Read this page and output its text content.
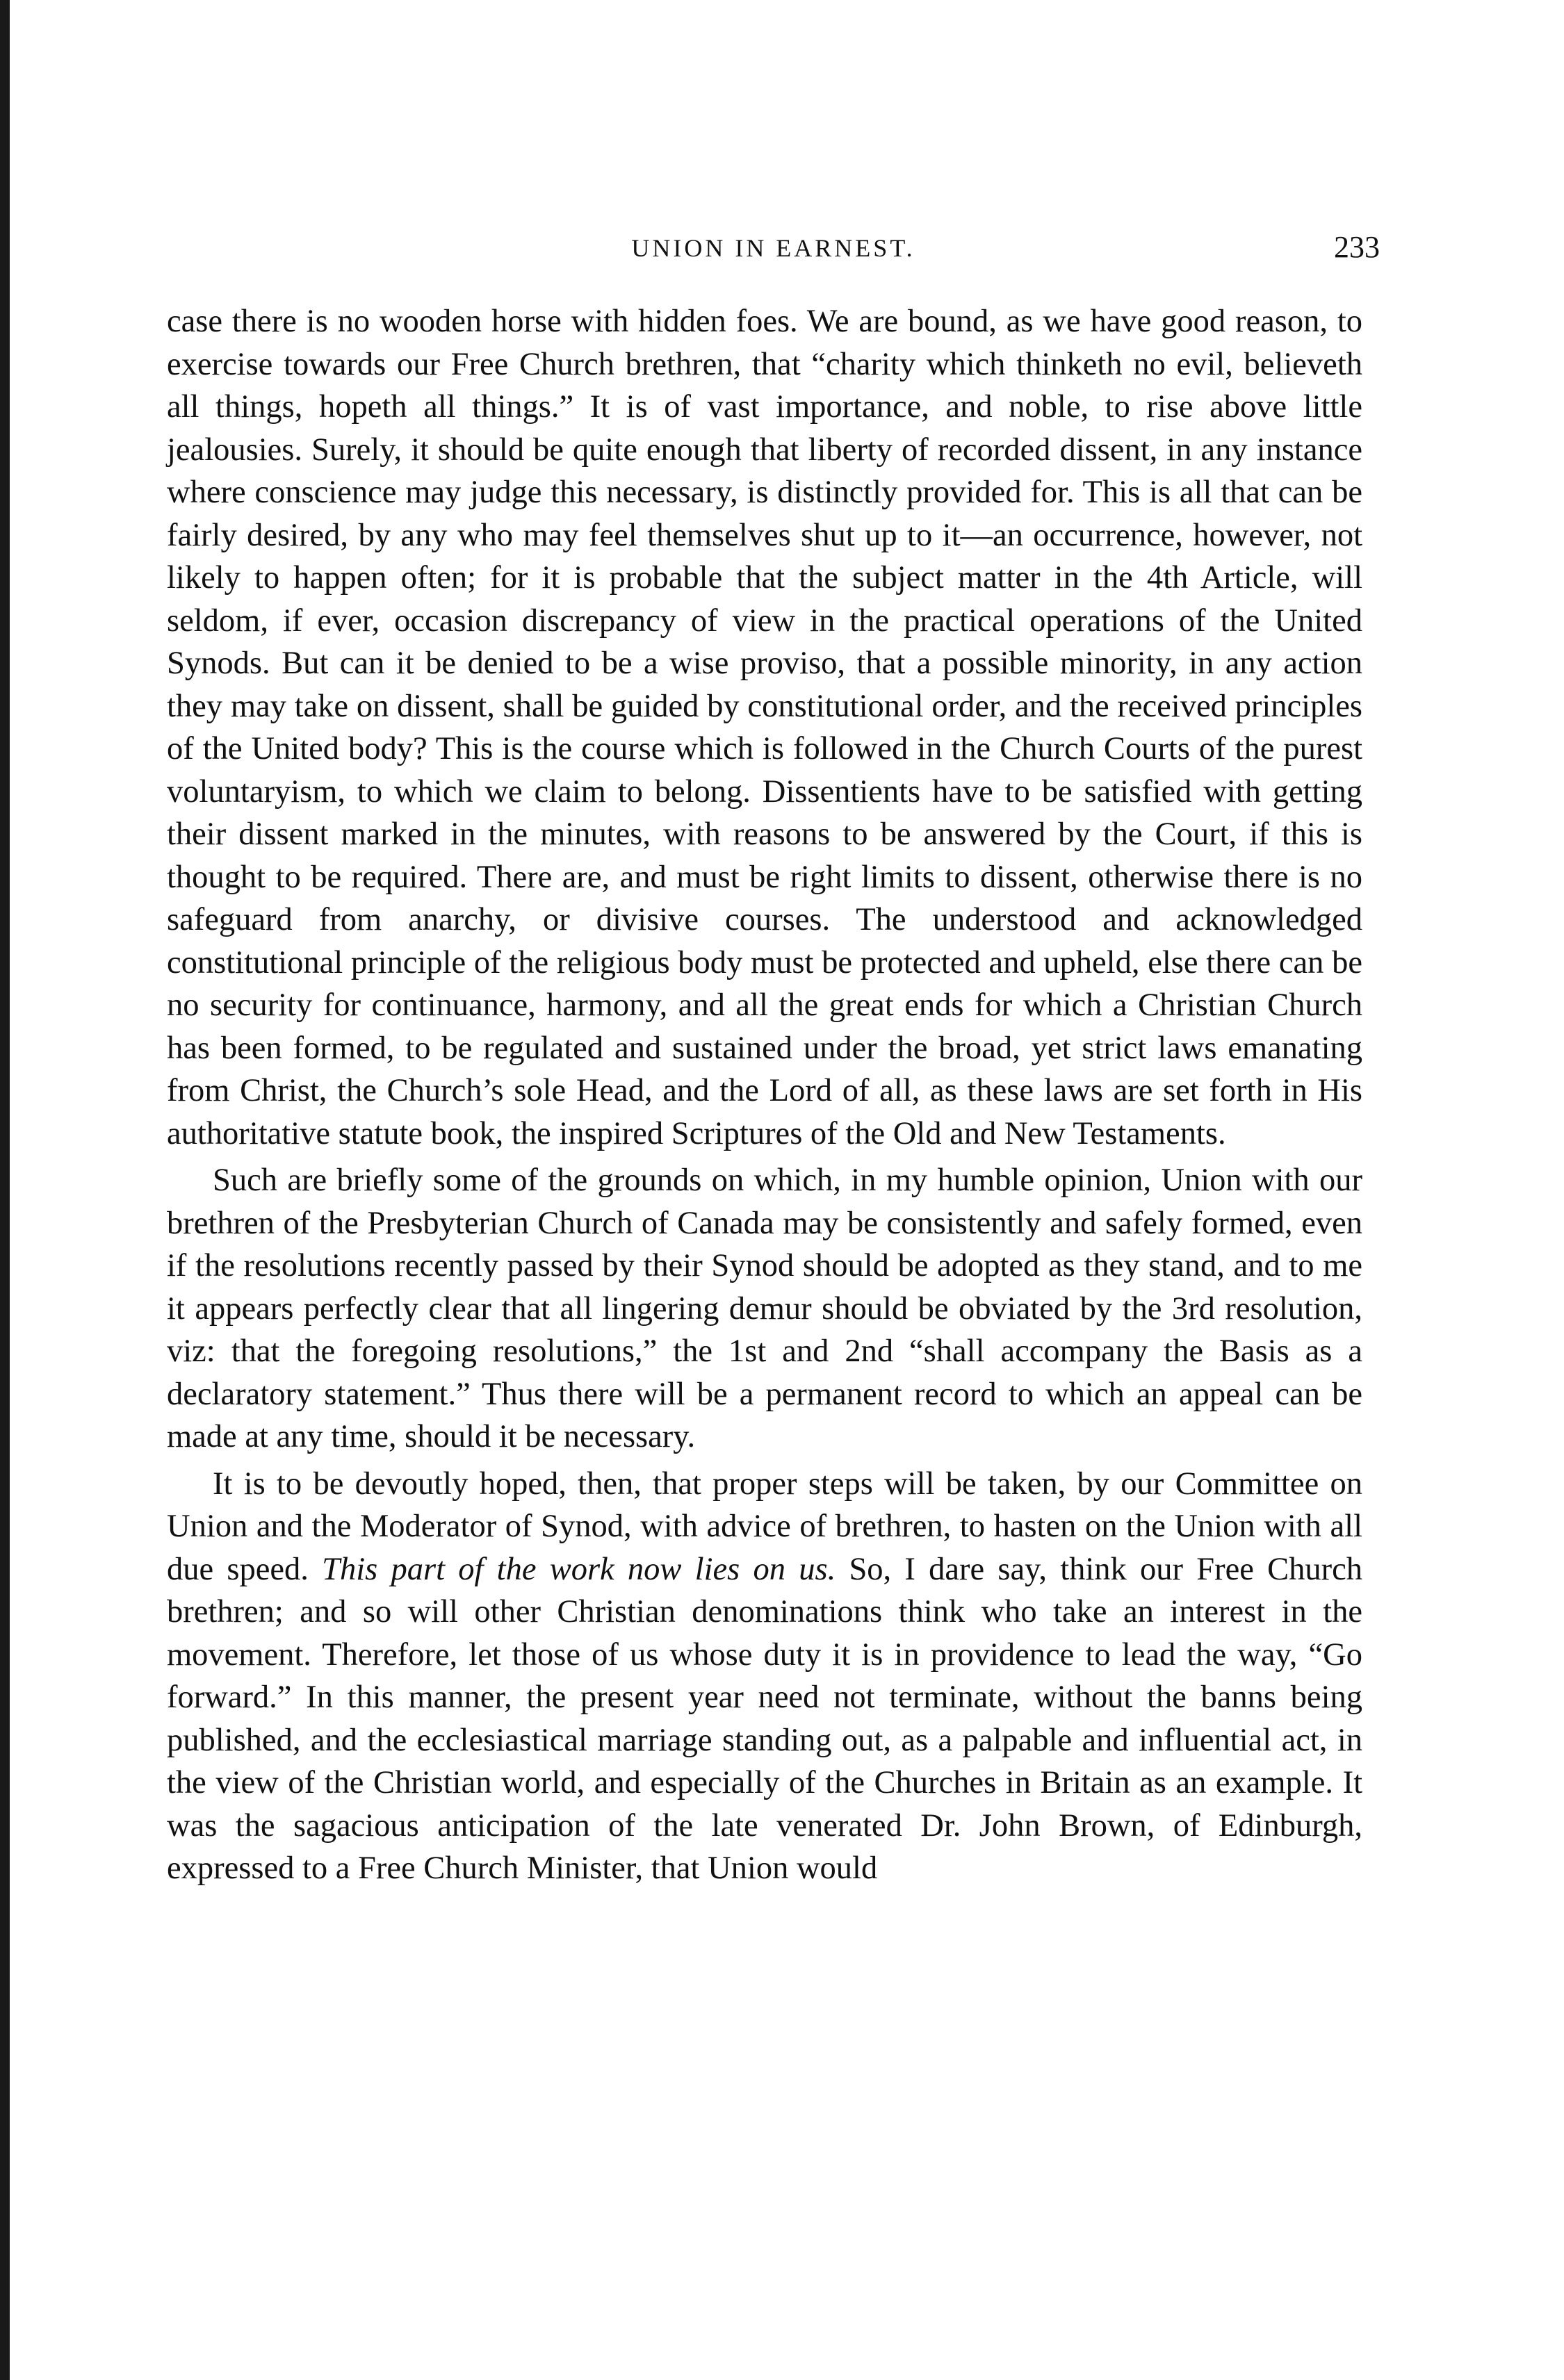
UNION IN EARNEST.	233

case there is no wooden horse with hidden foes. We are bound, as we have good reason, to exercise towards our Free Church brethren, that “charity which thinketh no evil, believeth all things, hopeth all things.” It is of vast importance, and noble, to rise above little jealousies. Surely, it should be quite enough that liberty of recorded dissent, in any instance where conscience may judge this necessary, is distinctly provided for. This is all that can be fairly desired, by any who may feel themselves shut up to it—an occurrence, however, not likely to happen often; for it is probable that the subject matter in the 4th Article, will seldom, if ever, occasion discrepancy of view in the practical operations of the United Synods. But can it be denied to be a wise proviso, that a possible minority, in any action they may take on dissent, shall be guided by constitutional order, and the received principles of the United body? This is the course which is followed in the Church Courts of the purest voluntaryism, to which we claim to belong. Dissentients have to be satisfied with getting their dissent marked in the minutes, with reasons to be answered by the Court, if this is thought to be required. There are, and must be right limits to dissent, otherwise there is no safeguard from anarchy, or divisive courses. The understood and acknowledged constitutional principle of the religious body must be protected and upheld, else there can be no security for continuance, harmony, and all the great ends for which a Christian Church has been formed, to be regulated and sustained under the broad, yet strict laws emanating from Christ, the Church’s sole Head, and the Lord of all, as these laws are set forth in His authoritative statute book, the inspired Scriptures of the Old and New Testaments.

Such are briefly some of the grounds on which, in my humble opinion, Union with our brethren of the Presbyterian Church of Canada may be consistently and safely formed, even if the resolutions recently passed by their Synod should be adopted as they stand, and to me it appears perfectly clear that all lingering demur should be obviated by the 3rd resolution, viz: that the foregoing resolutions,” the 1st and 2nd “shall accompany the Basis as a declaratory statement.” Thus there will be a permanent record to which an appeal can be made at any time, should it be necessary.

It is to be devoutly hoped, then, that proper steps will be taken, by our Committee on Union and the Moderator of Synod, with advice of brethren, to hasten on the Union with all due speed. This part of the work now lies on us. So, I dare say, think our Free Church brethren; and so will other Christian denominations think who take an interest in the movement. Therefore, let those of us whose duty it is in providence to lead the way, “Go forward.” In this manner, the present year need not terminate, without the banns being published, and the ecclesiastical marriage standing out, as a palpable and influential act, in the view of the Christian world, and especially of the Churches in Britain as an example. It was the sagacious anticipation of the late venerated Dr. John Brown, of Edinburgh, expressed to a Free Church Minister, that Union would
